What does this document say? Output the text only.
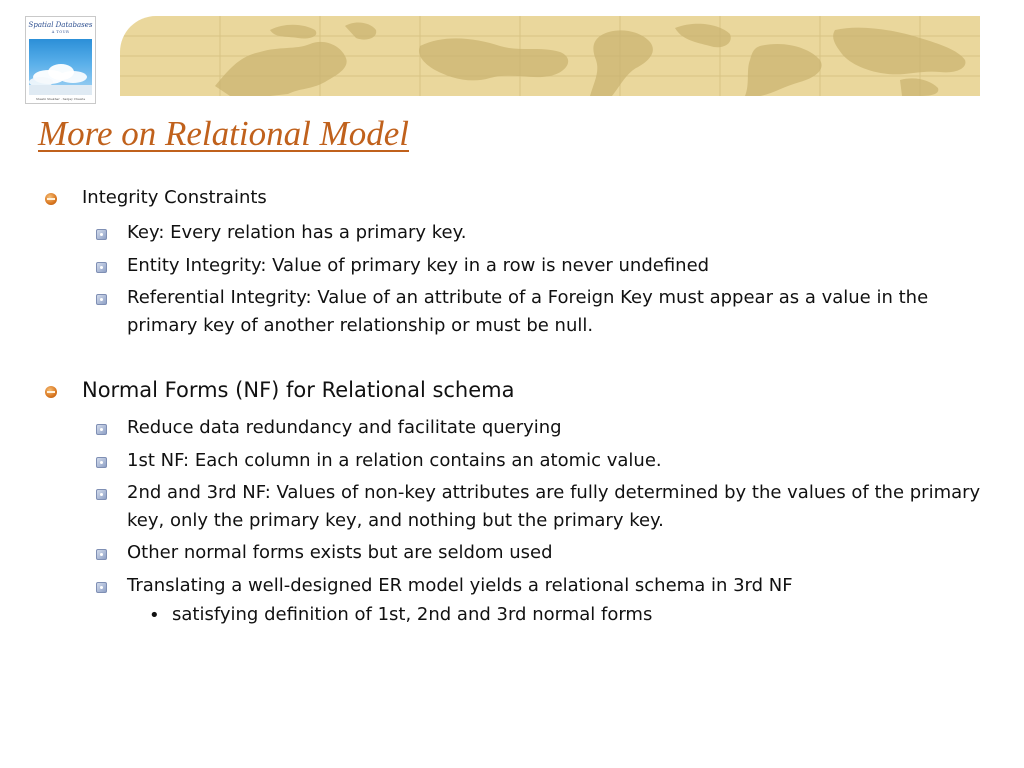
Spatial Databases
A TOUR
Shashi Shekhar · Sanjay Chawla
More on Relational Model
Integrity Constraints
Key: Every relation has a primary key.
Entity Integrity: Value of primary key in a row is never undefined
Referential Integrity: Value of an attribute of a Foreign Key must appear as a value in the primary key of another relationship or must be null.
Normal Forms (NF) for Relational schema
Reduce data redundancy and facilitate querying
1st NF: Each column in a relation contains an atomic value.
2nd and 3rd NF: Values of non-key attributes are fully determined by the values of the primary key, only the primary key, and nothing but the primary key.
Other normal forms exists but are seldom used
Translating a well-designed ER model yields a relational schema in 3rd NF
• satisfying definition of 1st, 2nd and 3rd normal forms
